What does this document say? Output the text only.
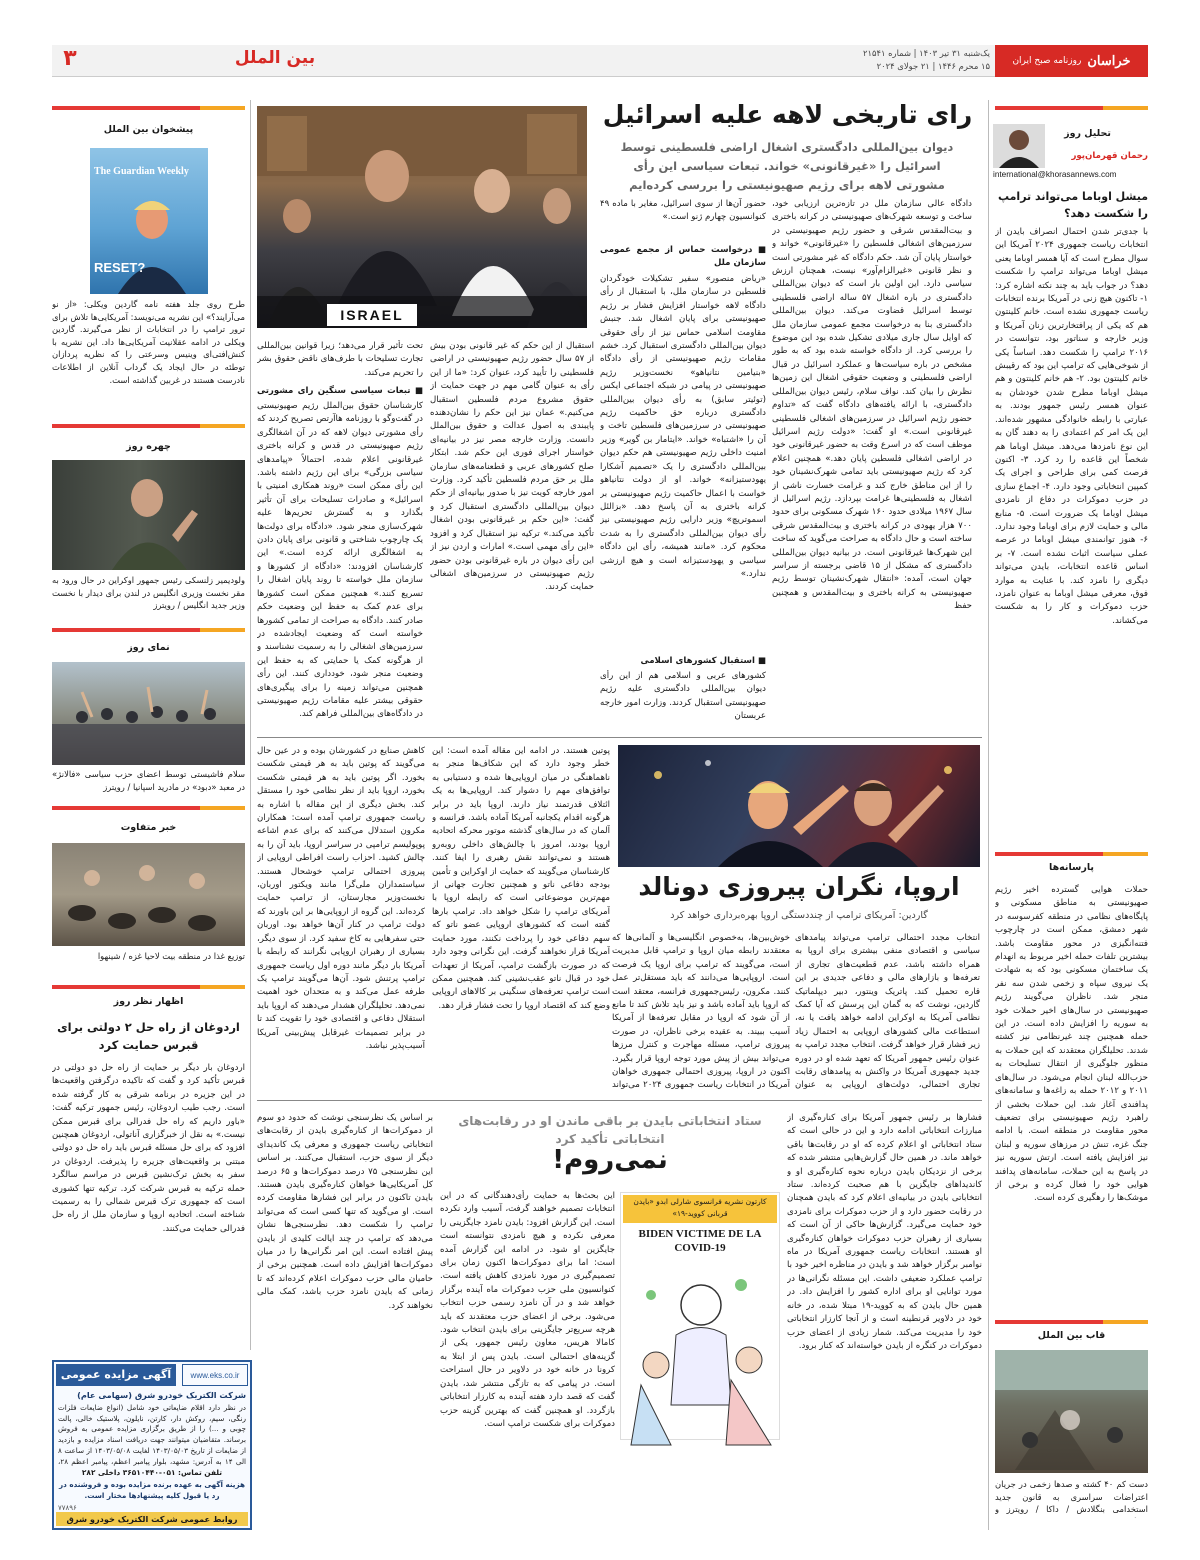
خراسان
روزنامه صبح ایران
یک‌شنبه ۳۱ تیر ۱۴۰۳ | شماره ۲۱۵۴۱
۱۵ محرم ۱۴۴۶ | ۲۱ جولای ۲۰۲۴
بین الملل
۳
رای تاریخی لاهه علیه اسرائیل
دیوان بین‌المللی دادگستری اشغال اراضی فلسطینی توسط اسرائیل را «غیرقانونی» خواند. تبعات سیاسی این رأی مشورتی لاهه برای رژیم صهیونیستی را بررسی کرده‌ایم
ISRAEL
دادگاه عالی سازمان ملل در تازه‌ترین ارزیابی خود، ساخت و توسعه شهرک‌های صهیونیستی در کرانه باختری و بیت‌المقدس شرقی و حضور رژیم صهیونیستی در سرزمین‌های اشغالی فلسطین را «غیرقانونی» خواند و خواستار پایان آن شد. حکم دادگاه که غیر مشورتی است و نظر قانونی «غیرالزام‌آور» نیست، همچنان ارزش سیاسی دارد. این اولین بار است که دیوان بین‌المللی دادگستری در باره اشغال ۵۷ ساله اراضی فلسطینی توسط اسرائیل قضاوت می‌کند. دیوان بین‌المللی دادگستری بنا به درخواست مجمع عمومی سازمان ملل که اوایل سال جاری میلادی تشکیل شده بود این موضوع را بررسی کرد. از دادگاه خواسته شده بود که به طور مشخص در باره سیاست‌ها و عملکرد اسرائیل در قبال اراضی فلسطینی و وضعیت حقوقی اشغال این زمین‌ها نظرش را بیان کند. نواف سلام، رئیس دیوان بین‌المللی دادگستری، با ارائه یافته‌های دادگاه گفت که «تداوم حضور رژیم اسرائیل در سرزمین‌های اشغالی فلسطینی غیرقانونی است.» او گفت: «دولت رژیم اسرائیل موظف است که در اسرع وقت به حضور غیرقانونی خود در اراضی اشغالی فلسطین پایان دهد.» همچنین اعلام کرد که رژیم صهیونیستی باید تمامی شهرک‌نشینان خود را از این مناطق خارج کند و غرامت خسارت ناشی از اشغال به فلسطینی‌ها غرامت بپردازد. رژیم اسرائیل از سال ۱۹۶۷ میلادی حدود ۱۶۰ شهرک مسکونی برای حدود ۷۰۰ هزار یهودی در کرانه باختری و بیت‌المقدس شرقی ساخته است و حال دادگاه به صراحت می‌گوید که ساخت این شهرک‌ها غیرقانونی است. در بیانیه دیوان بین‌المللی دادگستری که مشکل از ۱۵ قاضی برجسته از سراسر جهان است، آمده: «انتقال شهرک‌نشینان توسط رژیم صهیونیستی به کرانه باختری و بیت‌المقدس و همچنین حفظ
حضور آن‌ها از سوی اسرائیل، مغایر با ماده ۴۹ کنوانسیون چهارم ژنو است.»
■ درخواست حماس از مجمع عمومی سازمان ملل
«ریاض منصور» سفیر تشکیلات خودگردان فلسطین در سازمان ملل، با استقبال از رأی دادگاه لاهه خواستار افزایش فشار بر رژیم صهیونیستی برای پایان اشغال شد. جنبش مقاومت اسلامی حماس نیز از رأی حقوقی دیوان بین‌المللی دادگستری استقبال کرد. خشم مقامات رژیم صهیونیستی از رأی دادگاه «بنیامین نتانیاهو» نخست‌وزیر رژیم صهیونیستی در پیامی در شبکه اجتماعی ایکس (توئیتر سابق) به رأی دیوان بین‌المللی دادگستری درباره حق حاکمیت رژیم صهیونیستی در سرزمین‌های فلسطین تاخت و آن را «اشتباه» خواند. «ایتامار بن گویر» وزیر امنیت داخلی رژیم صهیونیستی هم حکم دیوان بین‌المللی دادگستری را یک «تصمیم آشکارا یهودستیزانه» خواند. او از دولت نتانیاهو خواست با اعمال حاکمیت رژیم صهیونیستی بر کرانه باختری به آن پاسخ دهد. «بزالئل اسموتریچ» وزیر دارایی رژیم صهیونیستی نیز رأی دیوان بین‌المللی دادگستری را به شدت محکوم کرد. «مانند همیشه، رأی این دادگاه سیاسی و یهودستیزانه است و هیچ ارزشی ندارد.»
■ استقبال کشورهای اسلامی
کشورهای عربی و اسلامی هم از این رأی دیوان بین‌المللی دادگستری علیه رژیم صهیونیستی استقبال کردند. وزارت امور خارجه عربستان
استقبال از این حکم که غیر قانونی بودن بیش از ۵۷ سال حضور رژیم صهیونیستی در اراضی فلسطینی را تأیید کرد، عنوان کرد: «ما از این رأی به عنوان گامی مهم در جهت حمایت از حقوق مشروع مردم فلسطین استقبال می‌کنیم.» عمان نیز این حکم را نشان‌دهنده پایبندی به اصول عدالت و حقوق بین‌الملل دانست. وزارت خارجه مصر نیز در بیانیه‌ای خواستار اجرای فوری این حکم شد. ابتکار صلح کشورهای عربی و قطعنامه‌های سازمان ملل بر حق مردم فلسطین تأکید کرد. وزارت امور خارجه کویت نیز با صدور بیانیه‌ای از حکم دیوان بین‌المللی دادگستری استقبال کرد و گفت: «این حکم بر غیرقانونی بودن اشغال تأکید می‌کند.» ترکیه نیز استقبال کرد و افزود «این رأی مهمی است.» امارات و اردن نیز از این رأی دیوان در باره غیرقانونی بودن حضور رژیم صهیونیستی در سرزمین‌های اشغالی حمایت کردند.
تحت تأثیر قرار می‌دهد؛ زیرا قوانین بین‌المللی تجارت تسلیحات با طرف‌های ناقض حقوق بشر را تحریم می‌کند.
■ تبعات سیاسی سنگین رای مشورتی
کارشناسان حقوق بین‌الملل رژیم صهیونیستی در گفت‌وگو با روزنامه هاآرتص تصریح کردند که رأی مشورتی دیوان لاهه که در آن اشغالگری رژیم صهیونیستی در قدس و کرانه باختری غیرقانونی اعلام شده، احتمالاً «پیامدهای سیاسی بزرگی» برای این رژیم داشته باشد. این رأی ممکن است «روند همکاری امنیتی با اسرائیل» و صادرات تسلیحات برای آن تأثیر بگذارد و به گسترش تحریم‌ها علیه شهرک‌سازی منجر شود. «دادگاه برای دولت‌ها یک چارچوب شناختی و قانونی برای پایان دادن به اشغالگری ارائه کرده است.» این کارشناسان افزودند: «دادگاه از کشورها و سازمان ملل خواسته تا روند پایان اشغال را تسریع کنند.» همچنین ممکن است کشورها برای عدم کمک به حفظ این وضعیت حکم صادر کنند. دادگاه به صراحت از تمامی کشورها خواسته است که وضعیت ایجادشده در سرزمین‌های اشغالی را به رسمیت نشناسند و از هرگونه کمک یا حمایتی که به حفظ این وضعیت منجر شود، خودداری کنند. این رأی همچنین می‌تواند زمینه را برای پیگیری‌های حقوقی بیشتر علیه مقامات رژیم صهیونیستی در دادگاه‌های بین‌المللی فراهم کند.
اروپا، نگران پیروزی دونالد
گاردین: آمریکای ترامپ از چنددستگی اروپا بهره‌برداری خواهد کرد
انتخاب مجدد احتمالی ترامپ می‌تواند پیامدهای سیاسی و اقتصادی منفی بیشتری برای اروپا به همراه داشته باشد، عدم قطعیت‌های تجاری از تعرفه‌ها و بازارهای مالی و دفاعی جدیدی بر این قاره تحمیل کند. پاتریک وینتور، دبیر دیپلماتیک گاردین، نوشت که به گمان این پرسش که آیا کمک نظامی آمریکا به اوکراین ادامه خواهد یافت یا نه، استطاعت مالی کشورهای اروپایی به احتمال زیاد زیر فشار قرار خواهد گرفت. انتخاب مجدد ترامپ به عنوان رئیس جمهور آمریکا که تعهد شده او در دوره جدید جمهوری آمریکا در واکنش به پیامدهای رقابت تجاری احتمالی، دولت‌های اروپایی به عنوان
خوش‌بین‌ها، به‌خصوص انگلیسی‌ها و آلمانی‌ها که معتقدند رابطه میان اروپا و ترامپ قابل مدیریت است، می‌گویند که ترامپ برای اروپا یک فرصت است. اروپایی‌ها می‌دانند که باید مستقل‌تر عمل کنند. مکرون، رئیس‌جمهوری فرانسه، معتقد است که اروپا باید آماده باشد و نیز باید تلاش کند تا مانع از آن شود که اروپا در مقابل تعرفه‌ها از آمریکا آسیب ببیند. به عقیده برخی ناظران، در صورت پیروزی ترامپ، مسئله مهاجرت و کنترل مرزها می‌تواند بیش از پیش مورد توجه اروپا قرار بگیرد. اکنون در اروپا، پیروزی احتمالی جمهوری خواهان آمریکا در انتخابات ریاست جمهوری ۲۰۲۴ می‌تواند
پوتین هستند. در ادامه این مقاله آمده است: این خطر وجود دارد که این شکاف‌ها منجر به ناهماهنگی در میان اروپایی‌ها شده و دستیابی به توافق‌های مهم را دشوار کند. اروپایی‌ها به یک ائتلاف قدرتمند نیاز دارند. اروپا باید در برابر هرگونه اقدام یکجانبه آمریکا آماده باشد. فرانسه و آلمان که در سال‌های گذشته موتور محرکه اتحادیه اروپا بودند، امروز با چالش‌های داخلی روبه‌رو هستند و نمی‌توانند نقش رهبری را ایفا کنند. کارشناسان می‌گویند که حمایت از اوکراین و تأمین بودجه دفاعی ناتو و همچنین تجارت جهانی از مهم‌ترین موضوعاتی است که رابطه اروپا با آمریکای ترامپ را شکل خواهد داد. ترامپ بارها گفته است که کشورهای اروپایی عضو ناتو که سهم دفاعی خود را پرداخت نکنند، مورد حمایت آمریکا قرار نخواهند گرفت. این نگرانی وجود دارد که در صورت بازگشت ترامپ، آمریکا از تعهدات خود در قبال ناتو عقب‌نشینی کند. همچنین ممکن است ترامپ تعرفه‌های سنگینی بر کالاهای اروپایی وضع کند که اقتصاد اروپا را تحت فشار قرار دهد.
کاهش صنایع در کشورشان بوده و در عین حال می‌گویند که پوتین باید به هر قیمتی شکست بخورد. اگر پوتین باید به هر قیمتی شکست بخورد، اروپا باید از نظر نظامی خود را مستقل کند. بخش دیگری از این مقاله با اشاره به ریاست جمهوری ترامپ آمده است: همکاران مکرون استدلال می‌کنند که برای عدم اشاعه پوپولیسم ترامپی در سراسر اروپا، باید آن را به چالش کشید. احزاب راست افراطی اروپایی از پیروزی احتمالی ترامپ خوشحال هستند. سیاستمداران ملی‌گرا مانند ویکتور اوربان، نخست‌وزیر مجارستان، از ترامپ حمایت کرده‌اند. این گروه از اروپایی‌ها بر این باورند که دولت ترامپ در کنار آن‌ها خواهد بود. اوربان حتی سفرهایی به کاخ سفید کرد. از سوی دیگر، بسیاری از رهبران اروپایی نگرانند که رابطه با آمریکا بار دیگر مانند دوره اول ریاست جمهوری ترامپ پرتنش شود. آن‌ها می‌گویند ترامپ یک طرفه عمل می‌کند و به متحدان خود اهمیت نمی‌دهد. تحلیلگران هشدار می‌دهند که اروپا باید استقلال دفاعی و اقتصادی خود را تقویت کند تا در برابر تصمیمات غیرقابل پیش‌بینی آمریکا آسیب‌پذیر نباشد.
ستاد انتخاباتی بایدن بر باقی ماندن او در رقابت‌های انتخاباتی تأکید کرد
نمی‌روم!
کارتون نشریه فرانسوی شارلی ابدو «بایدن قربانی کووید-۱۹»
BIDEN VICTIME DE LA COVID-19
فشارها بر رئیس جمهور آمریکا برای کناره‌گیری از مبارزات انتخاباتی ادامه دارد و این در حالی است که ستاد انتخاباتی او اعلام کرده که او در رقابت‌ها باقی خواهد ماند. در همین حال گزارش‌هایی منتشر شده که برخی از نزدیکان بایدن درباره نحوه کناره‌گیری او و کاندیداهای جایگزین با هم صحبت کرده‌اند. ستاد انتخاباتی بایدن در بیانیه‌ای اعلام کرد که بایدن همچنان در رقابت حضور دارد و از حزب دموکرات برای نامزدی خود حمایت می‌گیرد. گزارش‌ها حاکی از آن است که بسیاری از رهبران حزب دموکرات خواهان کناره‌گیری او هستند. انتخابات ریاست جمهوری آمریکا در ماه نوامبر برگزار خواهد شد و بایدن در مناظره اخیر خود با ترامپ عملکرد ضعیفی داشت. این مسئله نگرانی‌ها در مورد توانایی او برای اداره کشور را افزایش داد. در همین حال بایدن که به کووید-۱۹ مبتلا شده، در خانه خود در دلاویر قرنطینه است و از آنجا کارزار انتخاباتی خود را مدیریت می‌کند. شمار زیادی از اعضای حزب دموکرات در کنگره از بایدن خواسته‌اند که کنار برود.
این بحث‌ها به حمایت رأی‌دهندگانی که در این انتخابات تصمیم خواهند گرفت، آسیب وارد نکرده است. این گزارش افزود: بایدن نامزد جایگزینی را معرفی نکرده و هیچ نامزدی نتوانسته است جایگزین او شود. در ادامه این گزارش آمده است: اما برای دموکرات‌ها اکنون زمان برای تصمیم‌گیری در مورد نامزدی کاهش یافته است. کنوانسیون ملی حزب دموکرات ماه آینده برگزار خواهد شد و در آن نامزد رسمی حزب انتخاب می‌شود. برخی از اعضای حزب معتقدند که باید هرچه سریع‌تر جایگزینی برای بایدن انتخاب شود. کامالا هریس، معاون رئیس جمهور، یکی از گزینه‌های احتمالی است. بایدن پس از ابتلا به کرونا در خانه خود در دلاویر در حال استراحت است. در پیامی که به تازگی منتشر شد، بایدن گفت که قصد دارد هفته آینده به کارزار انتخاباتی بازگردد. او همچنین گفت که بهترین گزینه حزب دموکرات برای شکست ترامپ است.
بر اساس یک نظرسنجی نوشت که حدود دو سوم از دموکرات‌ها از کناره‌گیری بایدن از رقابت‌های انتخاباتی ریاست جمهوری و معرفی یک کاندیدای دیگر از سوی حزب، استقبال می‌کنند. بر اساس این نظرسنجی ۷۵ درصد دموکرات‌ها و ۶۵ درصد کل آمریکایی‌ها خواهان کناره‌گیری بایدن هستند. بایدن تاکنون در برابر این فشارها مقاومت کرده است. او می‌گوید که تنها کسی است که می‌تواند ترامپ را شکست دهد. نظرسنجی‌ها نشان می‌دهد که ترامپ در چند ایالت کلیدی از بایدن پیش افتاده است. این امر نگرانی‌ها را در میان دموکرات‌ها افزایش داده است. همچنین برخی از حامیان مالی حزب دموکرات اعلام کرده‌اند که تا زمانی که بایدن نامزد حزب باشد، کمک مالی نخواهند کرد.
تحلیل روز
رحمان قهرمان‌پور
international@khorasannews.com
میشل اوباما می‌تواند ترامپ را شکست دهد؟
با جدی‌تر شدن احتمال انصراف بایدن از انتخابات ریاست جمهوری ۲۰۲۴ آمریکا این سوال مطرح است که آیا همسر اوباما یعنی میشل اوباما می‌تواند ترامپ را شکست دهد؟ در جواب باید به چند نکته اشاره کرد: ۱- تاکنون هیچ زنی در آمریکا برنده انتخابات ریاست جمهوری نشده است. خانم کلینتون هم که یکی از پرافتخارترین زنان آمریکا و وزیر خارجه و سناتور بود، نتوانست در ۲۰۱۶ ترامپ را شکست دهد. اساساً یکی از شوخی‌هایی که ترامپ این بود که رقیبش خانم کلینتون بود. ۲- هم خانم کلینتون و هم میشل اوباما مطرح شدن خودشان به عنوان همسر رئیس جمهور بودند. به عبارتی با رابطه خانوادگی مشهور شده‌اند. این یک امر کم اعتمادی را به دهند گان به این نوع نامزدها می‌دهد. میشل اوباما هم شخصاً این قاعده را رد کرد. ۳- اکنون فرصت کمی برای طراحی و اجرای یک کمپین انتخاباتی وجود دارد. ۴- اجماع سازی در حزب دموکرات در دفاع از نامزدی میشل اوباما یک ضرورت است. ۵- منابع مالی و حمایت لازم برای اوباما وجود ندارد. ۶- هنوز توانمندی میشل اوباما در عرصه عملی سیاست اثبات نشده است. ۷- بر اساس قاعده انتخابات، بایدن می‌تواند دیگری را نامزد کند. با عنایت به موارد فوق، معرفی میشل اوباما به عنوان نامزد، حزب دموکرات و کار را به شکست می‌کشاند.
پارسانه‌ها
حملات هوایی گسترده اخیر رژیم صهیونیستی به مناطق مسکونی و پایگاه‌های نظامی در منطقه کفرسوسه در شهر دمشق، ممکن است در چارچوب فتنه‌انگیزی در محور مقاومت باشد. بیشترین تلفات حمله اخیر مربوط به انهدام یک ساختمان مسکونی بود که به شهادت یک نیروی سپاه و زخمی شدن سه نفر منجر شد. ناظران می‌گویند رژیم صهیونیستی در سال‌های اخیر حملات خود به سوریه را افزایش داده است. در این حمله همچنین چند غیرنظامی نیز کشته شدند. تحلیلگران معتقدند که این حملات به منظور جلوگیری از انتقال تسلیحات به حزب‌الله لبنان انجام می‌شود. در سال‌های ۲۰۱۱ و ۲۰۱۲ حمله به زاغه‌ها و سامانه‌های پدافندی آغاز شد. این حملات بخشی از راهبرد رژیم صهیونیستی برای تضعیف محور مقاومت در منطقه است. با ادامه جنگ غزه، تنش در مرزهای سوریه و لبنان نیز افزایش یافته است. ارتش سوریه نیز در پاسخ به این حملات، سامانه‌های پدافند هوایی خود را فعال کرده و برخی از موشک‌ها را رهگیری کرده است.
قاب بین الملل
دست کم ۴۰ کشته و صدها زخمی در جریان اعتراضات سراسری به قانون جدید استخدامی بنگلادش / داکا / رویترز و
پیشخوان بین الملل
The Guardian Weekly
RESET?
طرح روی جلد هفته نامه گاردین ویکلی: «از نو می‌آرایند؟» این نشریه می‌نویسد: آمریکایی‌ها تلاش برای ترور ترامپ را در انتخابات از نظر می‌گیرند. گاردین ویکلی در ادامه عقلانیت آمریکایی‌ها داد. این نشریه با کنش‌افتی‌ای وینیس وسرعتی را که نظریه پردازان توطئه در حال ایجاد یک گرداب آنلاین از اطلاعات نادرست هستند در غربین گذاشته است.
چهره روز
ولودیمیر زلنسکی رئیس جمهور اوکراین در حال ورود به مقر نخست وزیری انگلیس در لندن برای دیدار با نخست وزیر جدید انگلیس / رویترز
نمای روز
سلام فاشیستی توسط اعضای حزب سیاسی «فالانژ» در معبد «دبود» در مادرید اسپانیا / رویترز
خبر متفاوت
توزیع غذا در منطقه بیت لاحیا غزه / شینهوا
اظهار نظر روز
اردوغان از راه حل ۲ دولتی برای قبرس حمایت کرد
اردوغان بار دیگر بر حمایت از راه حل دو دولتی در قبرس تأکید کرد و گفت که تاکیده درگرفتن واقعیت‌ها در این جزیره در برنامه شرقی به کار گرفته شده است. رجب طیب اردوغان، رئیس جمهور ترکیه گفت: «باور داریم که راه حل فدرالی برای قبرس ممکن نیست.» به نقل از خبرگزاری آناتولی، اردوغان همچنین افزود که برای حل مسئله قبرس باید راه حل دو دولتی مبتنی بر واقعیت‌های جزیره را پذیرفت. اردوغان در سفر به بخش ترک‌نشین قبرس در مراسم سالگرد حمله ترکیه به قبرس شرکت کرد. ترکیه تنها کشوری است که جمهوری ترک قبرس شمالی را به رسمیت شناخته است. اتحادیه اروپا و سازمان ملل از راه حل فدرالی حمایت می‌کنند.
آگهی مزایده عمومی	www.eks.co.ir
شرکت الکتریک خودرو شرق (سهامی عام)
در نظر دارد اقلام ضایعاتی خود شامل (انواع ضایعات فلزات رنگی، سیم، روکش دار، کارتن، نایلون، پلاستیک خالی، پالت چوبی و ...) را از طریق برگزاری مزایده عمومی به فروش برساند. متقاضیان میتوانند جهت دریافت اسناد مزایده و بازدید از ضایعات از تاریخ ۱۴۰۳/۰۵/۰۳ لغایت ۱۴۰۳/۰۵/۰۸ از ساعت ۸ الی ۱۴ به آدرس: مشهد، بلوار پیامبر اعظم، پیامبر اعظم ۲۸،
تلفن تماس: ۰۵۱-۳۶۵۱۰۴۴۰ داخلی ۲۸۲
هزینه آگهی به عهده برنده مزایده بوده و فروشنده در رد یا قبول کلیه پیشنهادها مختار است.
۷۷۸۹۶
روابط عمومی شرکت الکتریک خودرو شرق
